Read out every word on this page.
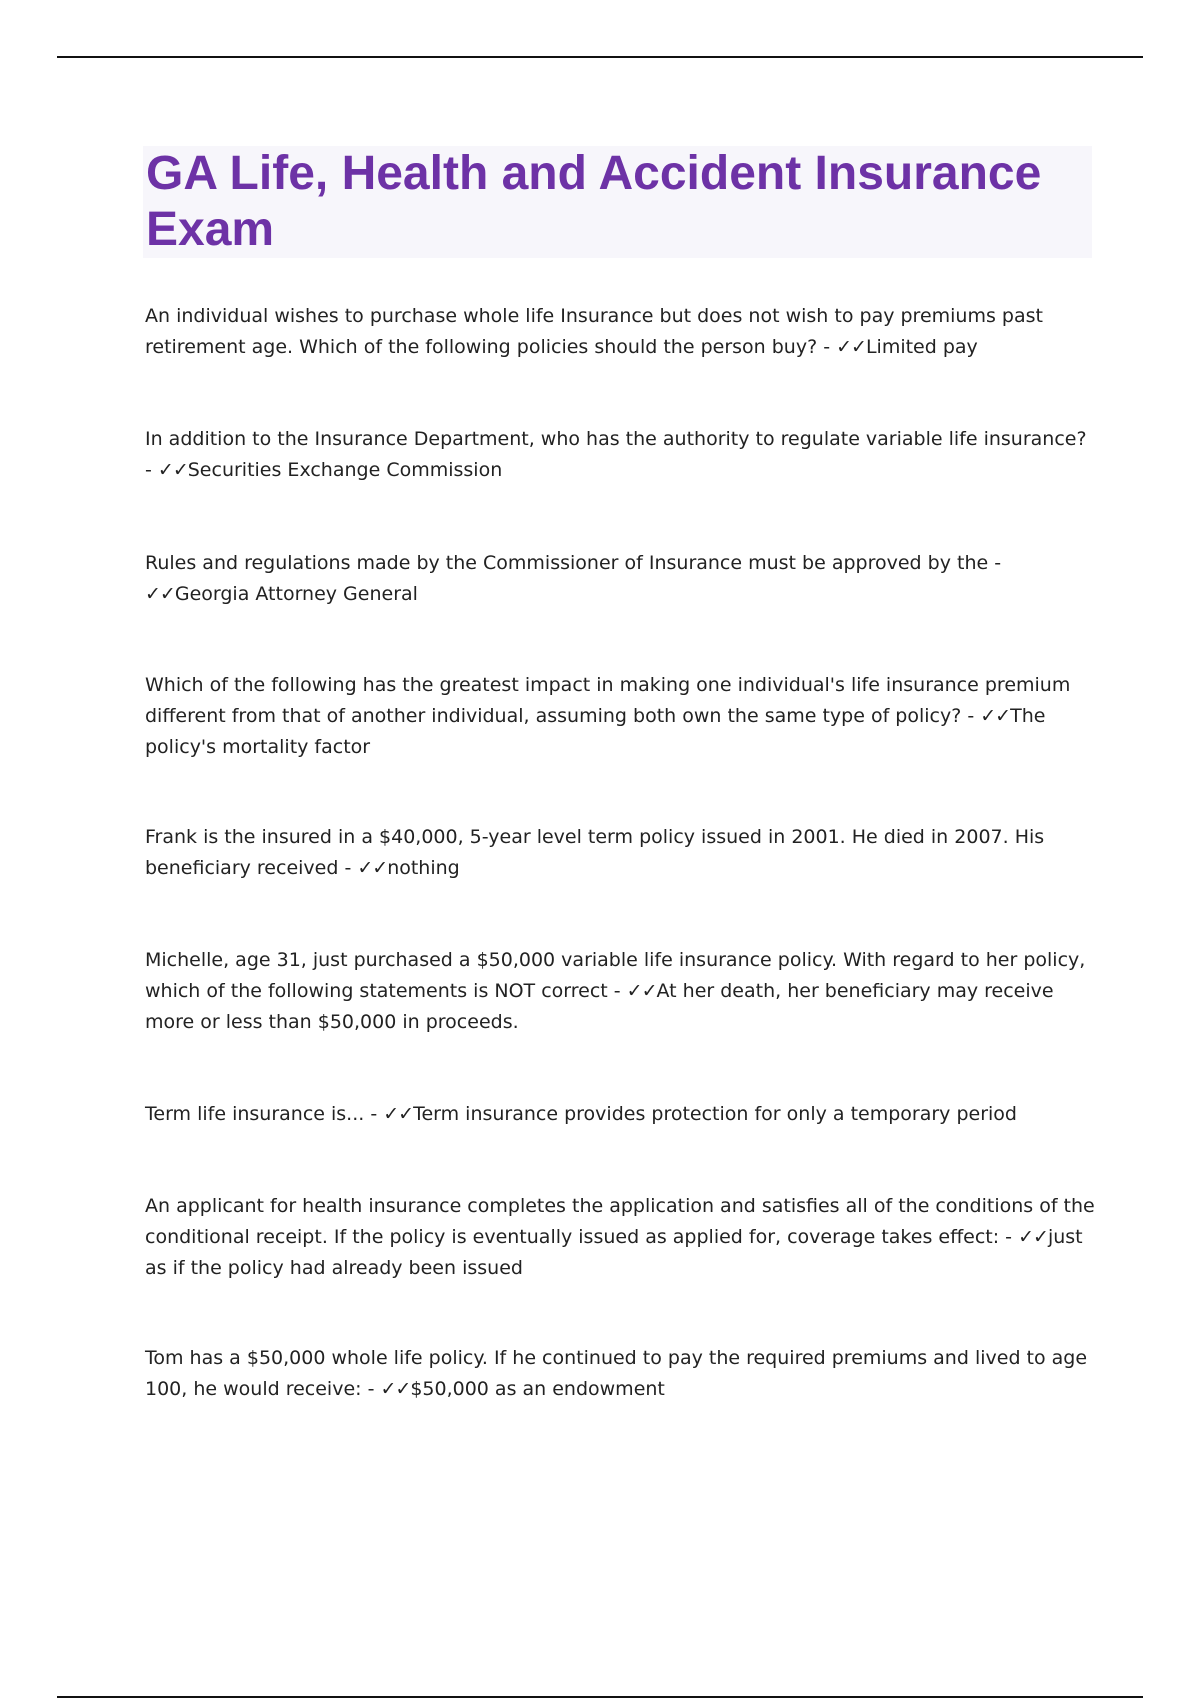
GA Life, Health and Accident Insurance Exam

An individual wishes to purchase whole life Insurance but does not wish to pay premiums past retirement age. Which of the following policies should the person buy? - ✓✓Limited pay

In addition to the Insurance Department, who has the authority to regulate variable life insurance? - ✓✓Securities Exchange Commission

Rules and regulations made by the Commissioner of Insurance must be approved by the - ✓✓Georgia Attorney General

Which of the following has the greatest impact in making one individual's life insurance premium different from that of another individual, assuming both own the same type of policy? - ✓✓The policy's mortality factor

Frank is the insured in a $40,000, 5-year level term policy issued in 2001. He died in 2007. His beneficiary received - ✓✓nothing

Michelle, age 31, just purchased a $50,000 variable life insurance policy. With regard to her policy, which of the following statements is NOT correct - ✓✓At her death, her beneficiary may receive more or less than $50,000 in proceeds.

Term life insurance is... - ✓✓Term insurance provides protection for only a temporary period

An applicant for health insurance completes the application and satisfies all of the conditions of the conditional receipt. If the policy is eventually issued as applied for, coverage takes effect: - ✓✓just as if the policy had already been issued

Tom has a $50,000 whole life policy. If he continued to pay the required premiums and lived to age 100, he would receive: - ✓✓$50,000 as an endowment
